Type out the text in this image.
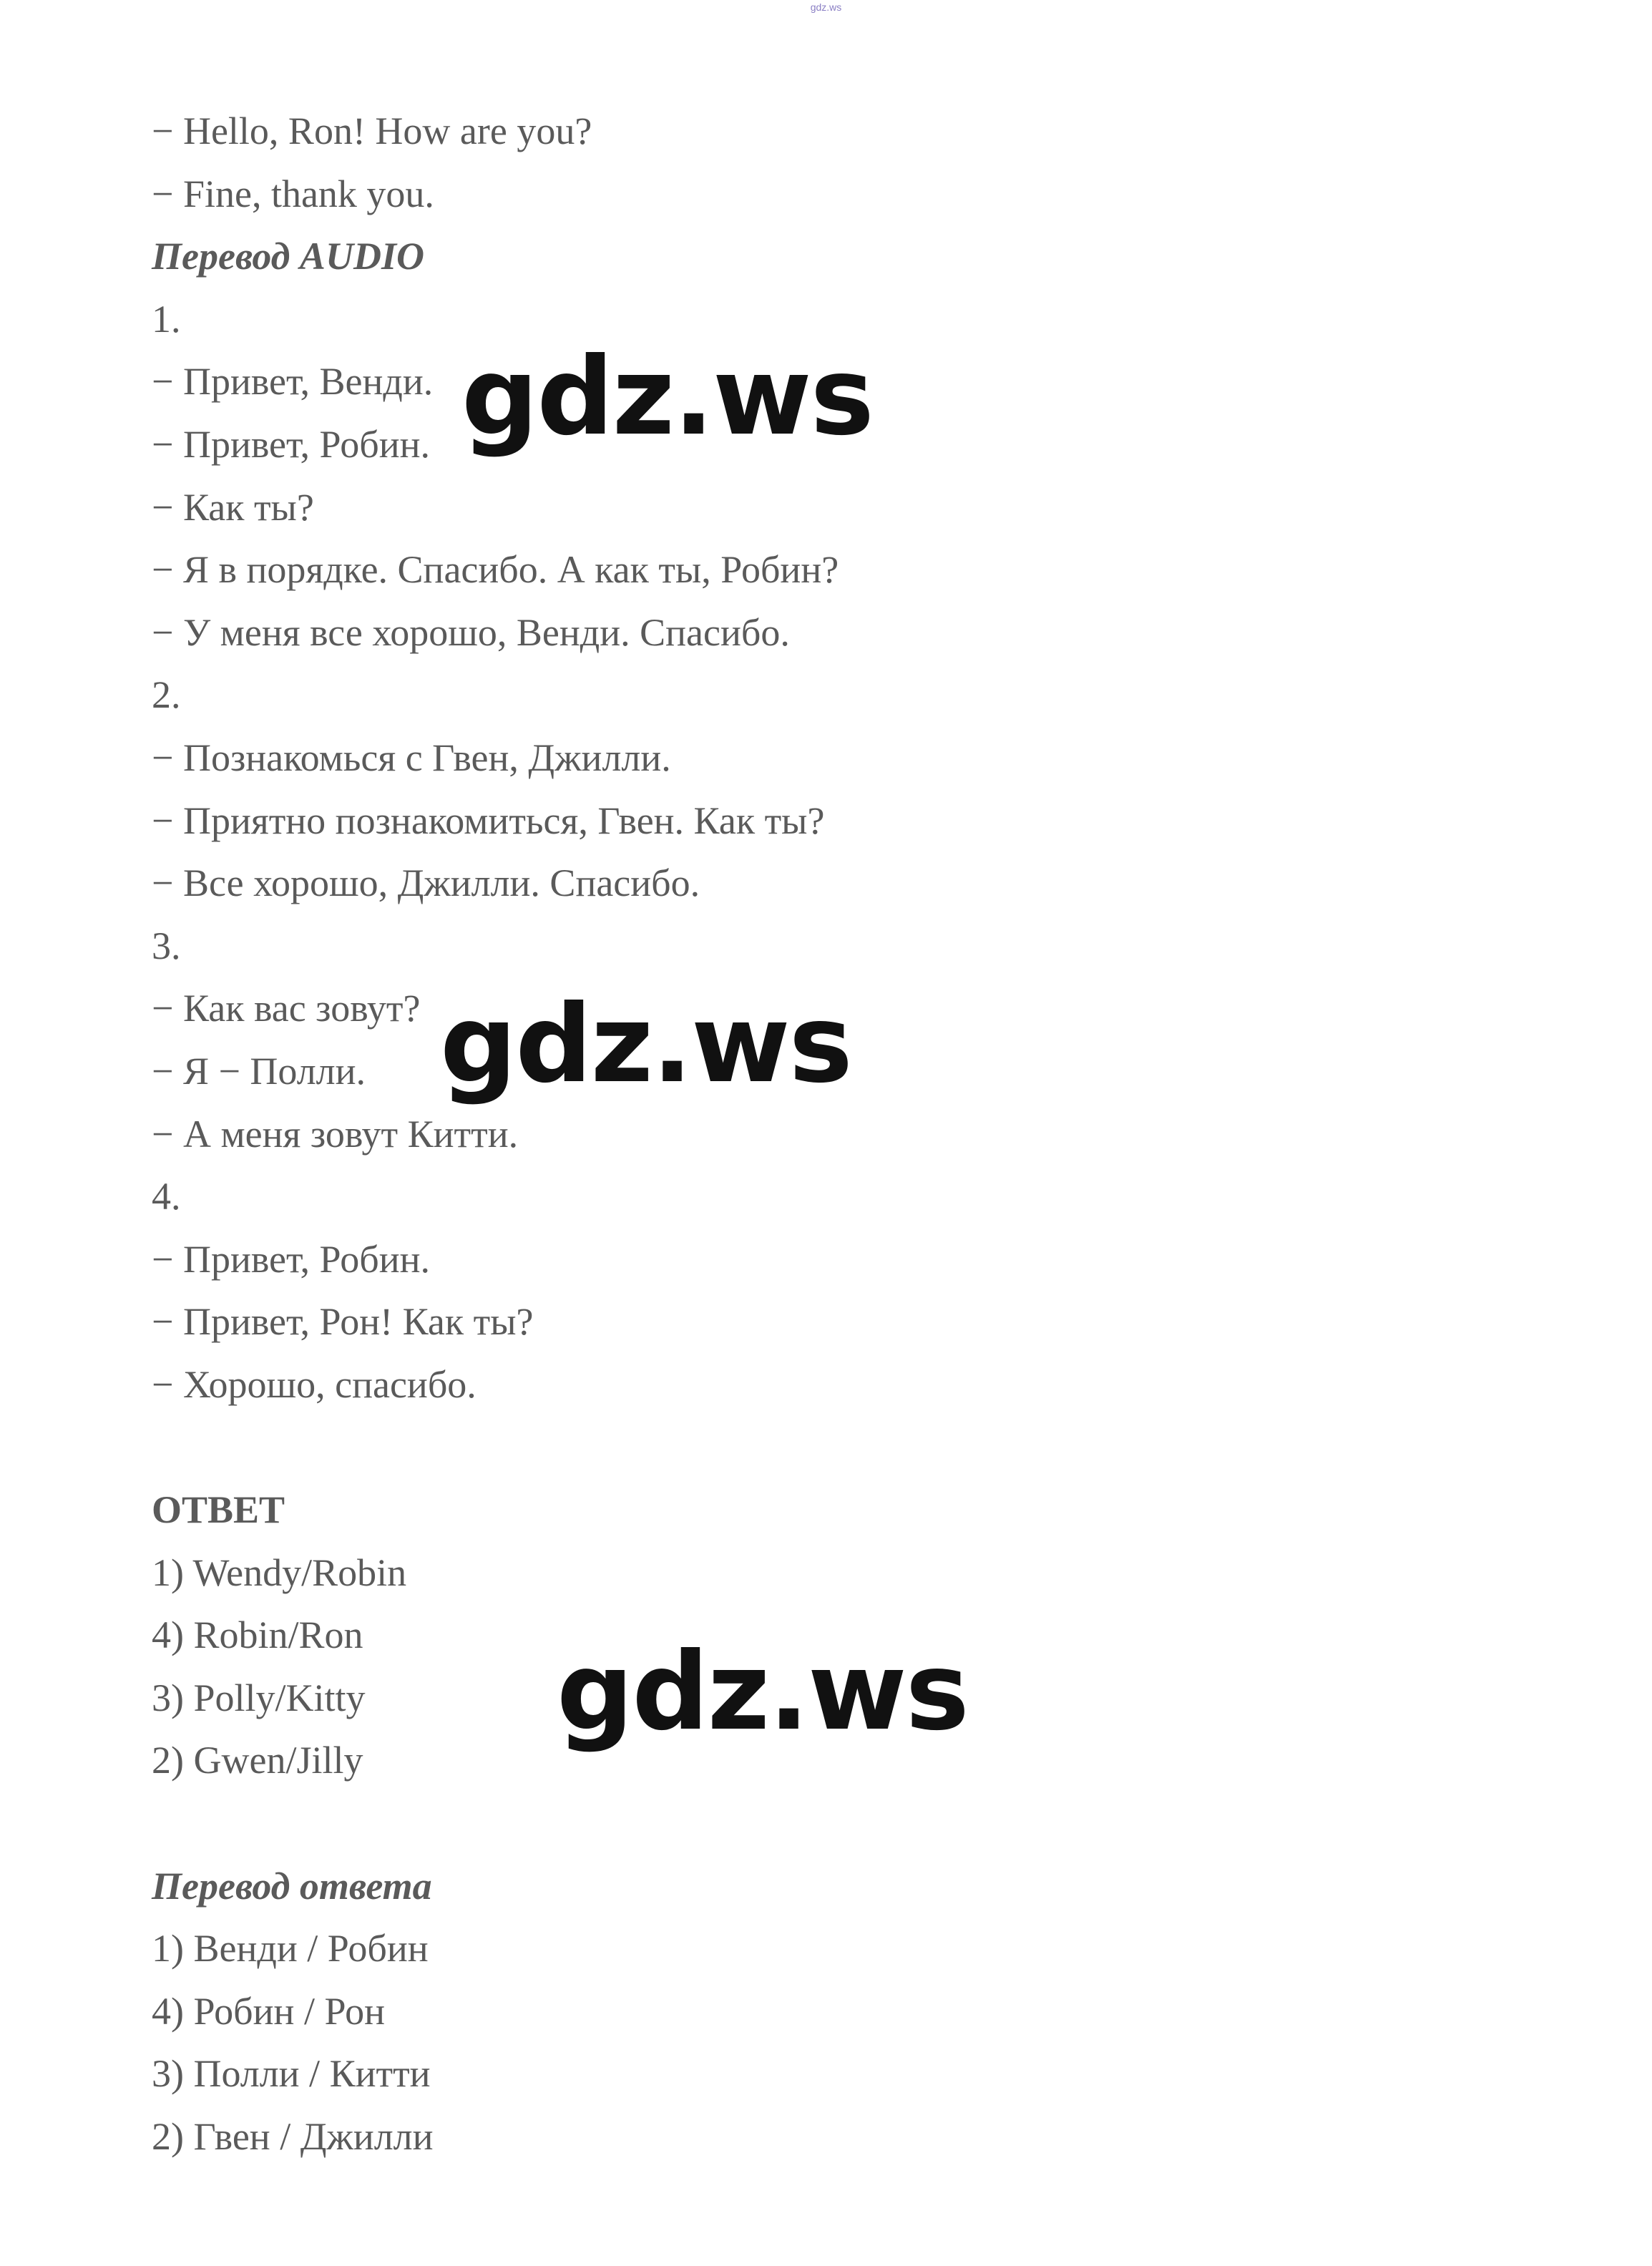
gdz.ws
− Hello, Ron! How are you?
− Fine, thank you.
Перевод AUDIO
1.
− Привет, Венди.
− Привет, Робин.
− Как ты?
− Я в порядке. Спасибо. А как ты, Робин?
− У меня все хорошо, Венди. Спасибо.
2.
− Познакомься с Гвен, Джилли.
− Приятно познакомиться, Гвен. Как ты?
− Все хорошо, Джилли. Спасибо.
3.
− Как вас зовут?
− Я − Полли.
− А меня зовут Китти.
4.
− Привет, Робин.
− Привет, Рон! Как ты?
− Хорошо, спасибо.
ОТВЕТ
1) Wendy/Robin
4) Robin/Ron
3) Polly/Kitty
2) Gwen/Jilly
Перевод ответа
1) Венди / Робин
4) Робин / Рон
3) Полли / Китти
2) Гвен / Джилли
gdz.ws
gdz.ws
gdz.ws
